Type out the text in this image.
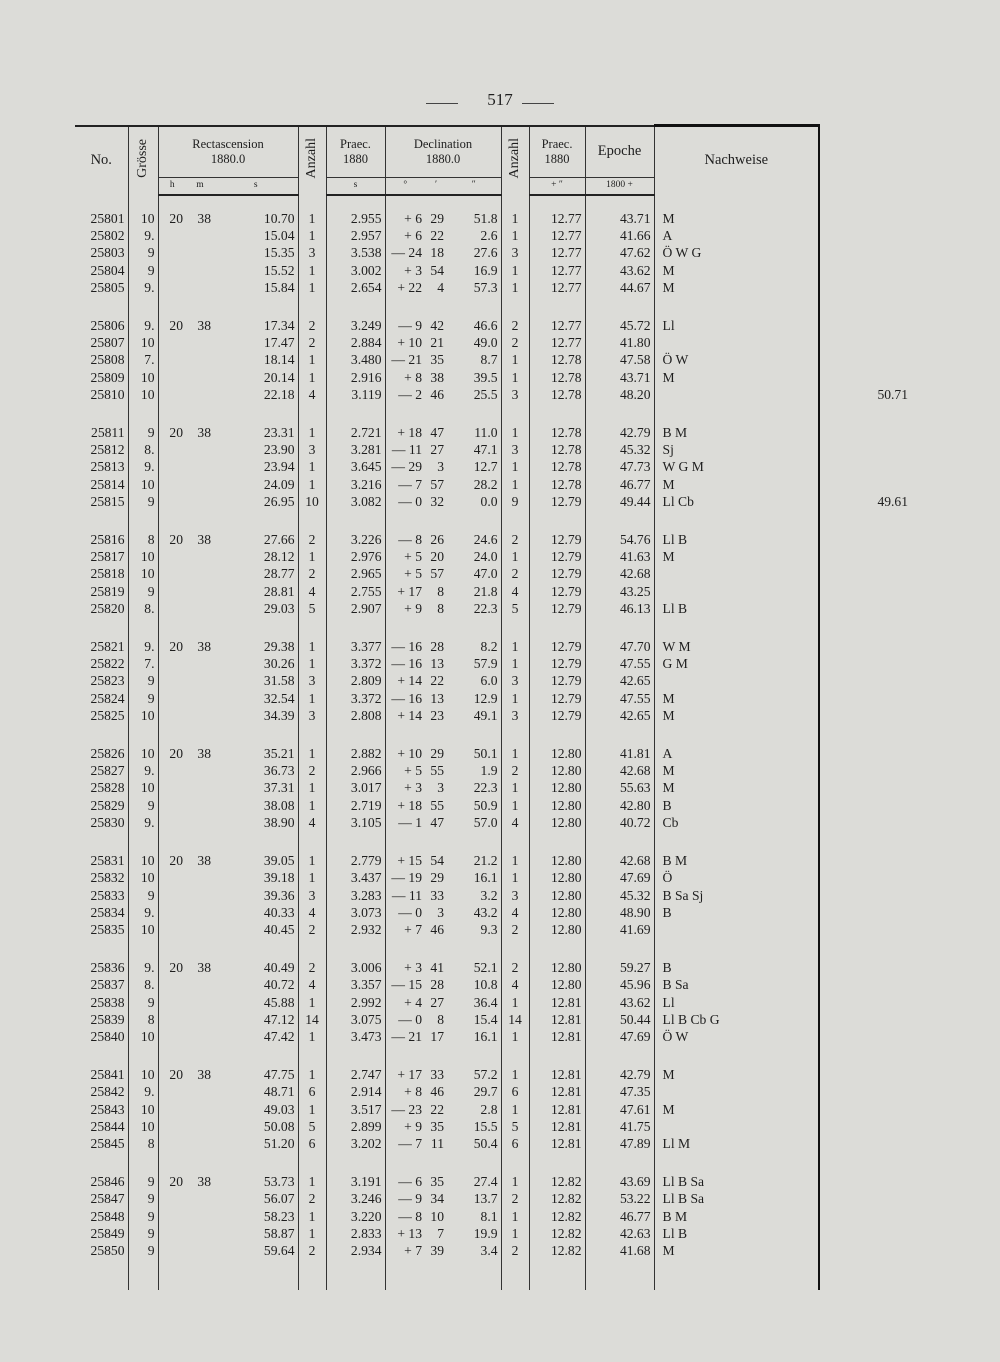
517
No.	Grösse	Rectascension
1880.0			Anzahl	Praec.
1880	Declination
1880.0			Anzahl	Praec.
1880	Epoche	Nachweise	
		h	m	s		s	°	′	″		+ ″	1800 +		

25801	10	20	38	10.70	1	2.955	+ 6	29	51.8	1	12.77	43.71	M	
25802	9.			15.04	1	2.957	+ 6	22	2.6	1	12.77	41.66	A	
25803	9			15.35	3	3.538	— 24	18	27.6	3	12.77	47.62	Ö W G	
25804	9			15.52	1	3.002	+ 3	54	16.9	1	12.77	43.62	M	
25805	9.			15.84	1	2.654	+ 22	4	57.3	1	12.77	44.67	M	

25806	9.	20	38	17.34	2	3.249	— 9	42	46.6	2	12.77	45.72	Ll	
25807	10			17.47	2	2.884	+ 10	21	49.0	2	12.77	41.80		
25808	7.			18.14	1	3.480	— 21	35	8.7	1	12.78	47.58	Ö W	
25809	10			20.14	1	2.916	+ 8	38	39.5	1	12.78	43.71	M	
25810	10			22.18	4	3.119	— 2	46	25.5	3	12.78	48.20		50.71

25811	9	20	38	23.31	1	2.721	+ 18	47	11.0	1	12.78	42.79	B M	
25812	8.			23.90	3	3.281	— 11	27	47.1	3	12.78	45.32	Sj	
25813	9.			23.94	1	3.645	— 29	3	12.7	1	12.78	47.73	W G M	
25814	10			24.09	1	3.216	— 7	57	28.2	1	12.78	46.77	M	
25815	9			26.95	10	3.082	— 0	32	0.0	9	12.79	49.44	Ll Cb	49.61

25816	8	20	38	27.66	2	3.226	— 8	26	24.6	2	12.79	54.76	Ll B	
25817	10			28.12	1	2.976	+ 5	20	24.0	1	12.79	41.63	M	
25818	10			28.77	2	2.965	+ 5	57	47.0	2	12.79	42.68		
25819	9			28.81	4	2.755	+ 17	8	21.8	4	12.79	43.25		
25820	8.			29.03	5	2.907	+ 9	8	22.3	5	12.79	46.13	Ll B	

25821	9.	20	38	29.38	1	3.377	— 16	28	8.2	1	12.79	47.70	W M	
25822	7.			30.26	1	3.372	— 16	13	57.9	1	12.79	47.55	G M	
25823	9			31.58	3	2.809	+ 14	22	6.0	3	12.79	42.65		
25824	9			32.54	1	3.372	— 16	13	12.9	1	12.79	47.55	M	
25825	10			34.39	3	2.808	+ 14	23	49.1	3	12.79	42.65	M	

25826	10	20	38	35.21	1	2.882	+ 10	29	50.1	1	12.80	41.81	A	
25827	9.			36.73	2	2.966	+ 5	55	1.9	2	12.80	42.68	M	
25828	10			37.31	1	3.017	+ 3	3	22.3	1	12.80	55.63	M	
25829	9			38.08	1	2.719	+ 18	55	50.9	1	12.80	42.80	B	
25830	9.			38.90	4	3.105	— 1	47	57.0	4	12.80	40.72	Cb	

25831	10	20	38	39.05	1	2.779	+ 15	54	21.2	1	12.80	42.68	B M	
25832	10			39.18	1	3.437	— 19	29	16.1	1	12.80	47.69	Ö	
25833	9			39.36	3	3.283	— 11	33	3.2	3	12.80	45.32	B Sa Sj	
25834	9.			40.33	4	3.073	— 0	3	43.2	4	12.80	48.90	B	
25835	10			40.45	2	2.932	+ 7	46	9.3	2	12.80	41.69		

25836	9.	20	38	40.49	2	3.006	+ 3	41	52.1	2	12.80	59.27	B	
25837	8.			40.72	4	3.357	— 15	28	10.8	4	12.80	45.96	B Sa	
25838	9			45.88	1	2.992	+ 4	27	36.4	1	12.81	43.62	Ll	
25839	8			47.12	14	3.075	— 0	8	15.4	14	12.81	50.44	Ll B Cb G	
25840	10			47.42	1	3.473	— 21	17	16.1	1	12.81	47.69	Ö W	

25841	10	20	38	47.75	1	2.747	+ 17	33	57.2	1	12.81	42.79	M	
25842	9.			48.71	6	2.914	+ 8	46	29.7	6	12.81	47.35		
25843	10			49.03	1	3.517	— 23	22	2.8	1	12.81	47.61	M	
25844	10			50.08	5	2.899	+ 9	35	15.5	5	12.81	41.75		
25845	8			51.20	6	3.202	— 7	11	50.4	6	12.81	47.89	Ll M	

25846	9	20	38	53.73	1	3.191	— 6	35	27.4	1	12.82	43.69	Ll B Sa	
25847	9			56.07	2	3.246	— 9	34	13.7	2	12.82	53.22	Ll B Sa	
25848	9			58.23	1	3.220	— 8	10	8.1	1	12.82	46.77	B M	
25849	9			58.87	1	2.833	+ 13	7	19.9	1	12.82	42.63	Ll B	
25850	9			59.64	2	2.934	+ 7	39	3.4	2	12.82	41.68	M	
